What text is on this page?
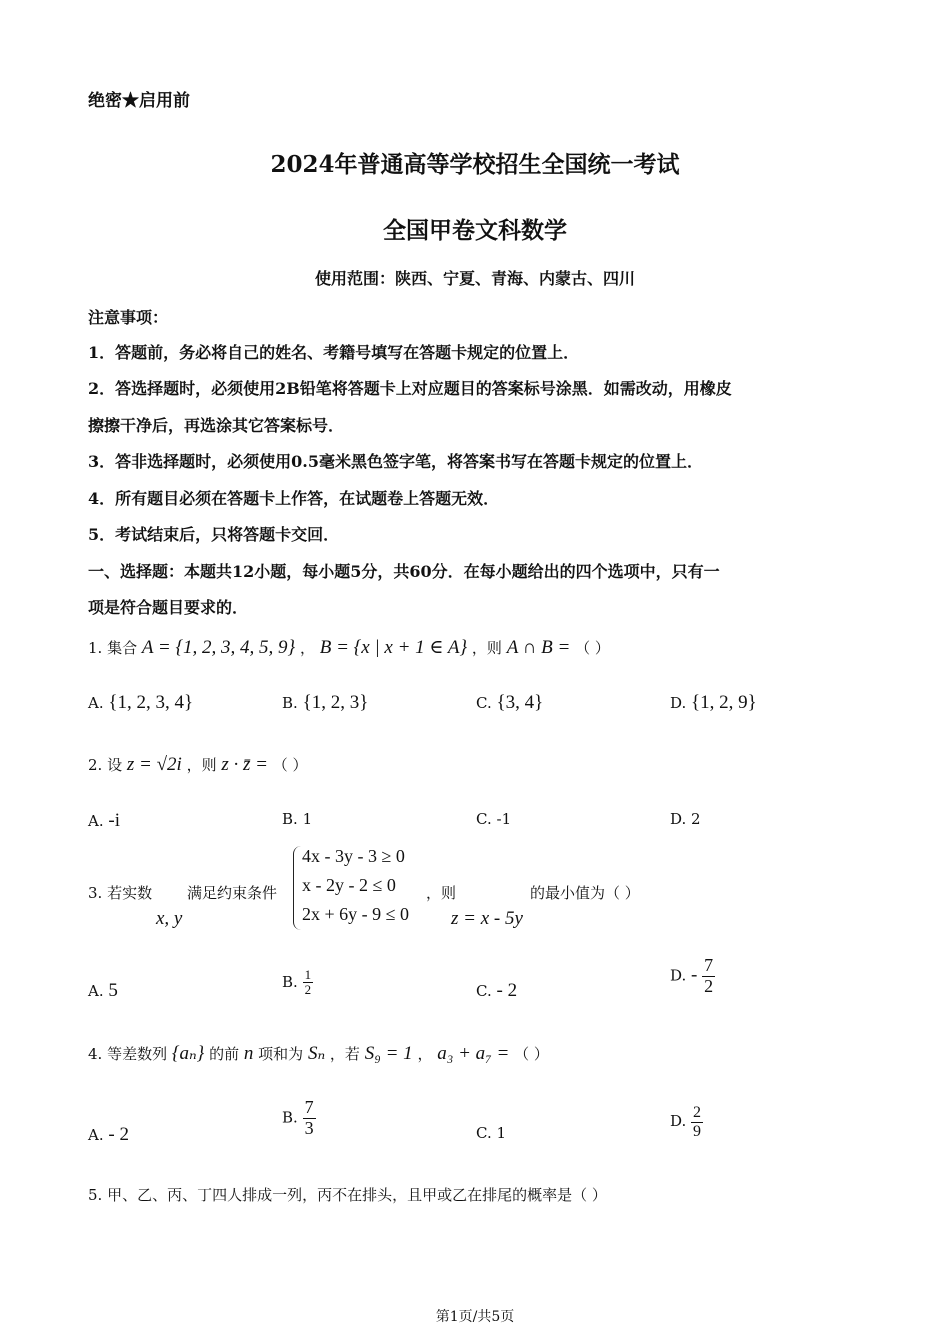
绝密★启用前
2024年普通高等学校招生全国统一考试
全国甲卷文科数学
使用范围：陕西、宁夏、青海、内蒙古、四川
注意事项：
1．答题前，务必将自己的姓名、考籍号填写在答题卡规定的位置上．
2．答选择题时，必须使用2B铅笔将答题卡上对应题目的答案标号涂黑．如需改动，用橡皮
擦擦干净后，再选涂其它答案标号．
3．答非选择题时，必须使用0.5毫米黑色签字笔，将答案书写在答题卡规定的位置上．
4．所有题目必须在答题卡上作答，在试题卷上答题无效．
5．考试结束后，只将答题卡交回．
一、选择题：本题共12小题，每小题5分，共60分．在每小题给出的四个选项中，只有一
项是符合题目要求的．
1. 集合 A = {1, 2, 3, 4, 5, 9} ， B = {x | x + 1 ∈ A} ，则 A ∩ B = （ ）
A. {1, 2, 3, 4}	B. {1, 2, 3}	C. {3, 4}	D. {1, 2, 9}
2. 设 z = √2i ，则 z · z̄ = （ ）
A. -i	B. 1	C. -1	D. 2
3. 若实数
x, y
满足约束条件
4x - 3y - 3 ≥ 0
x - 2y - 2 ≤ 0
2x + 6y - 9 ≤ 0
，则
z = x - 5y
的最小值为（ ）
A. 5	B. $\frac{1}{2}$	C. - 2
D. - $\frac{7}{2}$
4. 等差数列 {aₙ} 的前 n 项和为 Sₙ ，若 S₉ = 1 ， a₃ + a₇ = （ ）
A. - 2
B. $\frac{7}{3}$	C. 1
D. $\frac{2}{9}$
5. 甲、乙、丙、丁四人排成一列，丙不在排头，且甲或乙在排尾的概率是（ ）
第1页/共5页
